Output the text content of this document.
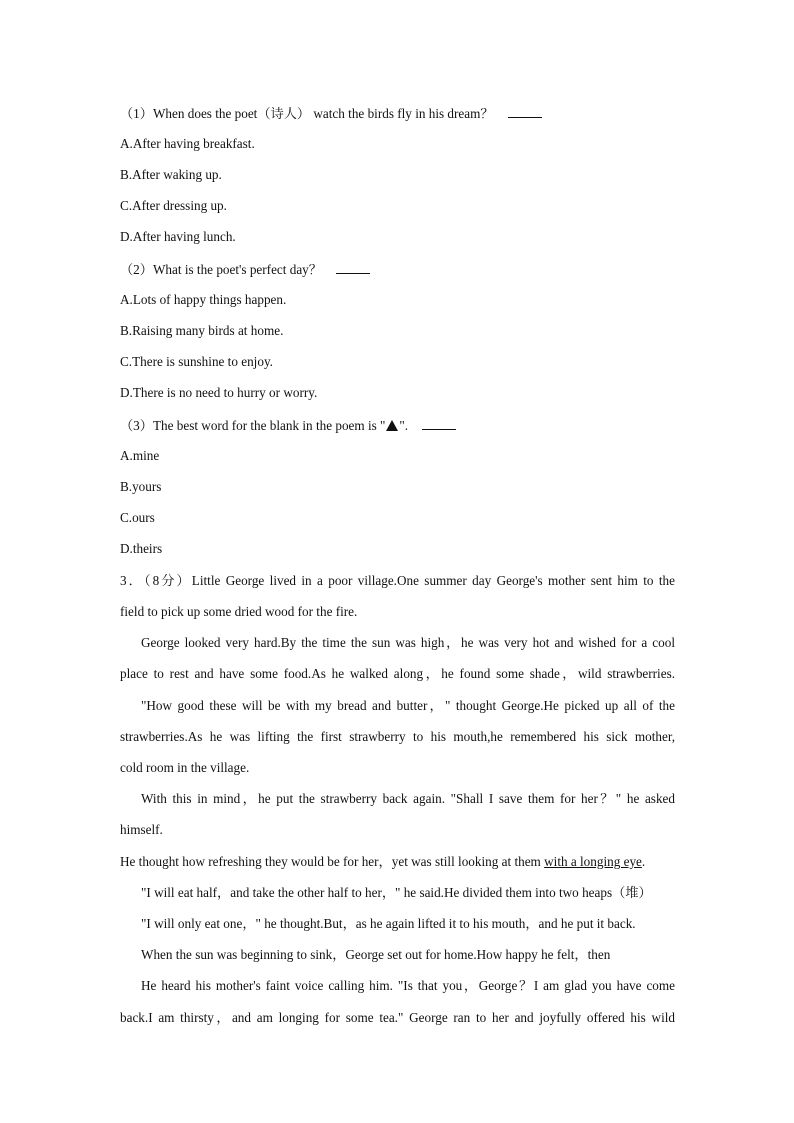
（1）When does the poet（诗人） watch the birds fly in his dream？
A.After having breakfast.
B.After waking up.
C.After dressing up.
D.After having lunch.
（2）What is the poet's perfect day？
A.Lots of happy things happen.
B.Raising many birds at home.
C.There is sunshine to enjoy.
D.There is no need to hurry or worry.
（3）The best word for the blank in the poem is " ".
A.mine
B.yours
C.ours
D.theirs
3．（8分）Little George lived in a poor village.One summer day George's mother sent him to the
field to pick up some dried wood for the fire.
George looked very hard.By the time the sun was high，he was very hot and wished for a cool
place to rest and have some food.As he walked along，he found some shade，wild strawberries.
"How good these will be with my bread and butter，" thought George.He picked up all of the
strawberries.As he was lifting the first strawberry to his mouth,he remembered his sick mother,
cold room in the village.
With this in mind，he put the strawberry back again. "Shall I save them for her？" he asked
himself.
He thought how refreshing they would be for her，yet was still looking at them with a longing eye.
"I will eat half，and take the other half to her，" he said.He divided them into two heaps（堆）
"I will only eat one，" he thought.But，as he again lifted it to his mouth，and he put it back.
When the sun was beginning to sink，George set out for home.How happy he felt，then
He heard his mother's faint voice calling him. "Is that you，George？I am glad you have come
back.I am thirsty，and am longing for some tea." George ran to her and joyfully offered his wild
